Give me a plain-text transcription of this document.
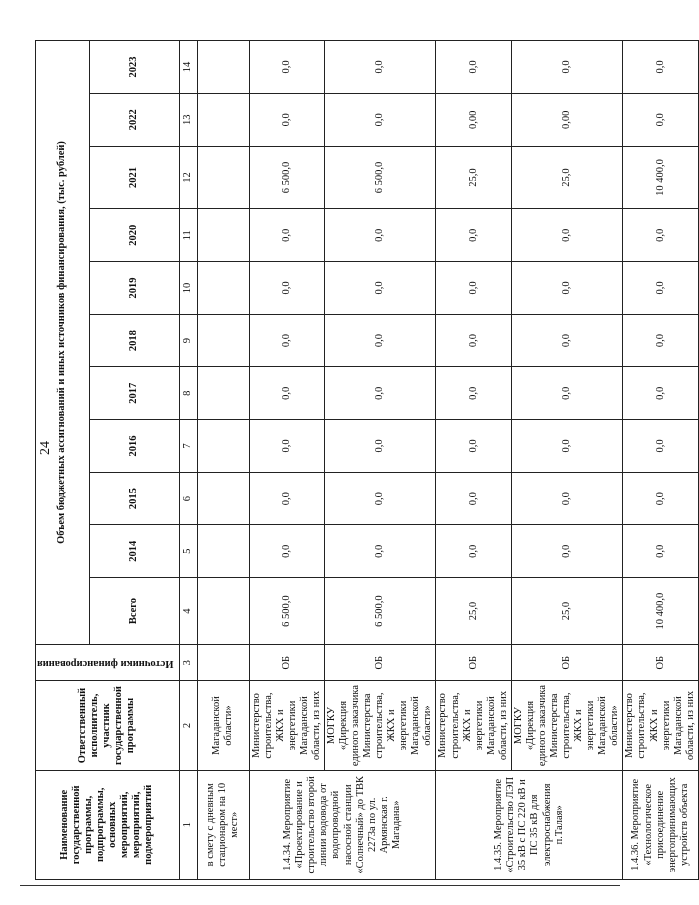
24
Наименование государственной программы, подпрограммы, основных мероприятий, мероприятий, подмероприятий	Ответственный исполнитель, участник государственной программы	Источники финансирования	Объем бюджетных ассигнований и иных источников финансирования, (тыс. рублей)										
			Всего	2014	2015	2016	2017	2018	2019	2020	2021	2022	2023
1	2	3	4	5	6	7	8	9	10	11	12	13	14
в смету с дневным стационаром на 10 мест»	Магаданской области»												
1.4.34. Мероприятие «Проектирование и строительство второй линии водовода от водопроводной насосной станции «Солнечный» до ТВК 2273а по ул. Армянская г. Магадана»	Министерство строительства, ЖКХ и энергетики Магаданской области, из них	ОБ	6 500,0	0,0	0,0	0,0	0,0	0,0	0,0	0,0	6 500,0	0,0	0,0
	МОГКУ «Дирекция единого заказчика Министерства строительства, ЖКХ и энергетики Магаданской области»	ОБ	6 500,0	0,0	0,0	0,0	0,0	0,0	0,0	0,0	6 500,0	0,0	0,0
1.4.35. Мероприятие «Строительство ЛЭП 35 кВ с ПС 220 кВ и ПС 35 кВ для электроснабжения п.Талая»	Министерство строительства, ЖКХ и энергетики Магаданской области, из них	ОБ	25,0	0,0	0,0	0,0	0,0	0,0	0,0	0,0	25,0	0,00	0,0
	МОГКУ «Дирекция единого заказчика Министерства строительства, ЖКХ и энергетики Магаданской области»	ОБ	25,0	0,0	0,0	0,0	0,0	0,0	0,0	0,0	25,0	0,00	0,0
1.4.36. Мероприятие «Технологическое присоединение энергопринимающих устройств объекта	Министерство строительства, ЖКХ и энергетики Магаданской области, из них	ОБ	10 400,0	0,0	0,0	0,0	0,0	0,0	0,0	0,0	10 400,0	0,0	0,0
